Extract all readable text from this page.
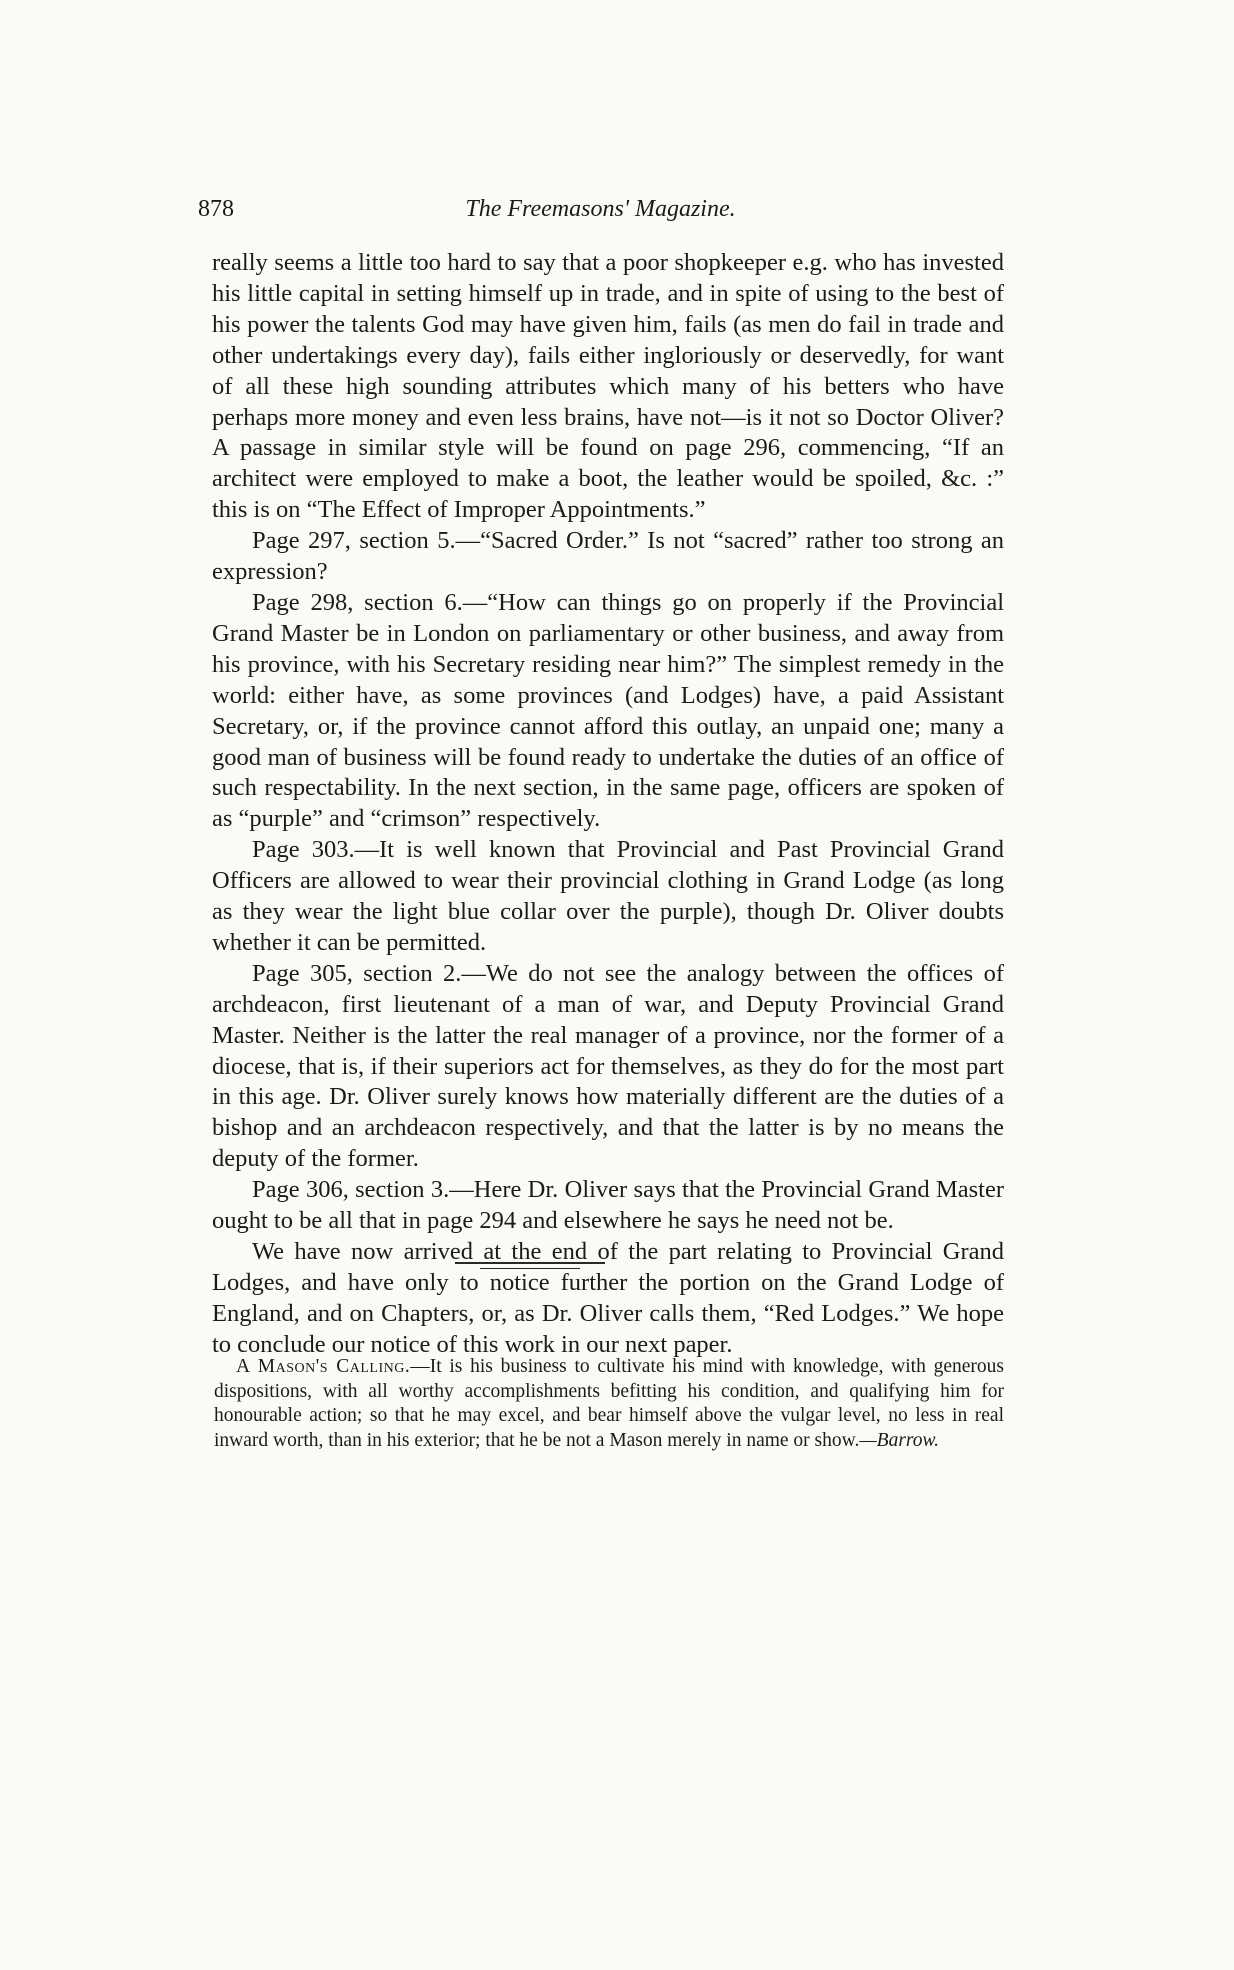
878	The Freemasons' Magazine.

really seems a little too hard to say that a poor shopkeeper e.g. who has invested his little capital in setting himself up in trade, and in spite of using to the best of his power the talents God may have given him, fails (as men do fail in trade and other undertakings every day), fails either ingloriously or deservedly, for want of all these high sounding attributes which many of his betters who have perhaps more money and even less brains, have not—is it not so Doctor Oliver? A passage in similar style will be found on page 296, commencing, “If an architect were employed to make a boot, the leather would be spoiled, &c. :” this is on “The Effect of Improper Appointments.”

Page 297, section 5.—“Sacred Order.” Is not “sacred” rather too strong an expression?

Page 298, section 6.—“How can things go on properly if the Provincial Grand Master be in London on parliamentary or other business, and away from his province, with his Secretary residing near him?” The simplest remedy in the world: either have, as some provinces (and Lodges) have, a paid Assistant Secretary, or, if the province cannot afford this outlay, an unpaid one; many a good man of business will be found ready to undertake the duties of an office of such respectability. In the next section, in the same page, officers are spoken of as “purple” and “crimson” respectively.

Page 303.—It is well known that Provincial and Past Provincial Grand Officers are allowed to wear their provincial clothing in Grand Lodge (as long as they wear the light blue collar over the purple), though Dr. Oliver doubts whether it can be permitted.

Page 305, section 2.—We do not see the analogy between the offices of archdeacon, first lieutenant of a man of war, and Deputy Provincial Grand Master. Neither is the latter the real manager of a province, nor the former of a diocese, that is, if their superiors act for themselves, as they do for the most part in this age. Dr. Oliver surely knows how materially different are the duties of a bishop and an archdeacon respectively, and that the latter is by no means the deputy of the former.

Page 306, section 3.—Here Dr. Oliver says that the Provincial Grand Master ought to be all that in page 294 and elsewhere he says he need not be.

We have now arrived at the end of the part relating to Provincial Grand Lodges, and have only to notice further the portion on the Grand Lodge of England, and on Chapters, or, as Dr. Oliver calls them, “Red Lodges.” We hope to conclude our notice of this work in our next paper.

A Mason's Calling.—It is his business to cultivate his mind with knowledge, with generous dispositions, with all worthy accomplishments befitting his condition, and qualifying him for honourable action; so that he may excel, and bear himself above the vulgar level, no less in real inward worth, than in his exterior; that he be not a Mason merely in name or show.—Barrow.
